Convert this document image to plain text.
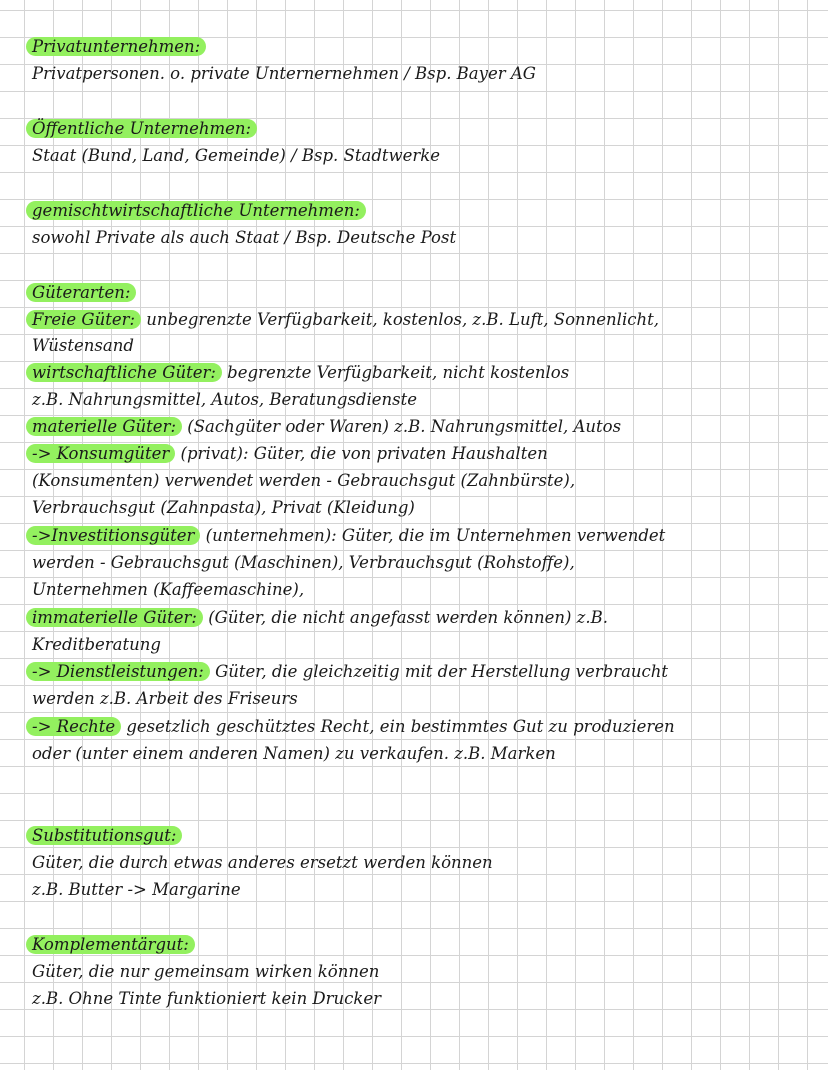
Privatunternehmen:

Privatpersonen. o. private Unternernehmen / Bsp. Bayer AG

Öffentliche Unternehmen:

Staat (Bund, Land, Gemeinde) / Bsp. Stadtwerke

gemischtwirtschaftliche Unternehmen:

sowohl Private als auch Staat / Bsp. Deutsche Post

Güterarten:

Freie Güter: unbegrenzte Verfügbarkeit, kostenlos, z.B. Luft, Sonnenlicht,

Wüstensand

wirtschaftliche Güter: begrenzte Verfügbarkeit, nicht kostenlos

z.B. Nahrungsmittel, Autos, Beratungsdienste

materielle Güter: (Sachgüter oder Waren) z.B. Nahrungsmittel, Autos

-> Konsumgüter (privat): Güter, die von privaten Haushalten

(Konsumenten) verwendet werden - Gebrauchsgut (Zahnbürste),

Verbrauchsgut (Zahnpasta), Privat (Kleidung)

->Investitionsgüter (unternehmen): Güter, die im Unternehmen verwendet

werden - Gebrauchsgut (Maschinen), Verbrauchsgut (Rohstoffe),

Unternehmen (Kaffeemaschine),

immaterielle Güter: (Güter, die nicht angefasst werden können) z.B.

Kreditberatung

-> Dienstleistungen: Güter, die gleichzeitig mit der Herstellung verbraucht

werden z.B. Arbeit des Friseurs

-> Rechte gesetzlich geschütztes Recht, ein bestimmtes Gut zu produzieren

oder (unter einem anderen Namen) zu verkaufen. z.B. Marken

Substitutionsgut:

Güter, die durch etwas anderes ersetzt werden können

z.B. Butter -> Margarine

Komplementärgut:

Güter, die nur gemeinsam wirken können

z.B. Ohne Tinte funktioniert kein Drucker
